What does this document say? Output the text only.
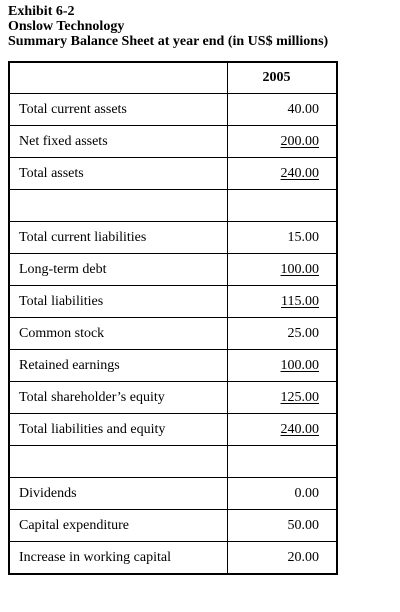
Exhibit 6-2
Onslow Technology
Summary Balance Sheet at year end (in US$ millions)
	2005
Total current assets	40.00
Net fixed assets	200.00
Total assets	240.00

Total current liabilities	15.00
Long-term debt	100.00
Total liabilities	115.00
Common stock	25.00
Retained earnings	100.00
Total shareholder’s equity	125.00
Total liabilities and equity	240.00

Dividends	0.00
Capital expenditure	50.00
Increase in working capital	20.00
